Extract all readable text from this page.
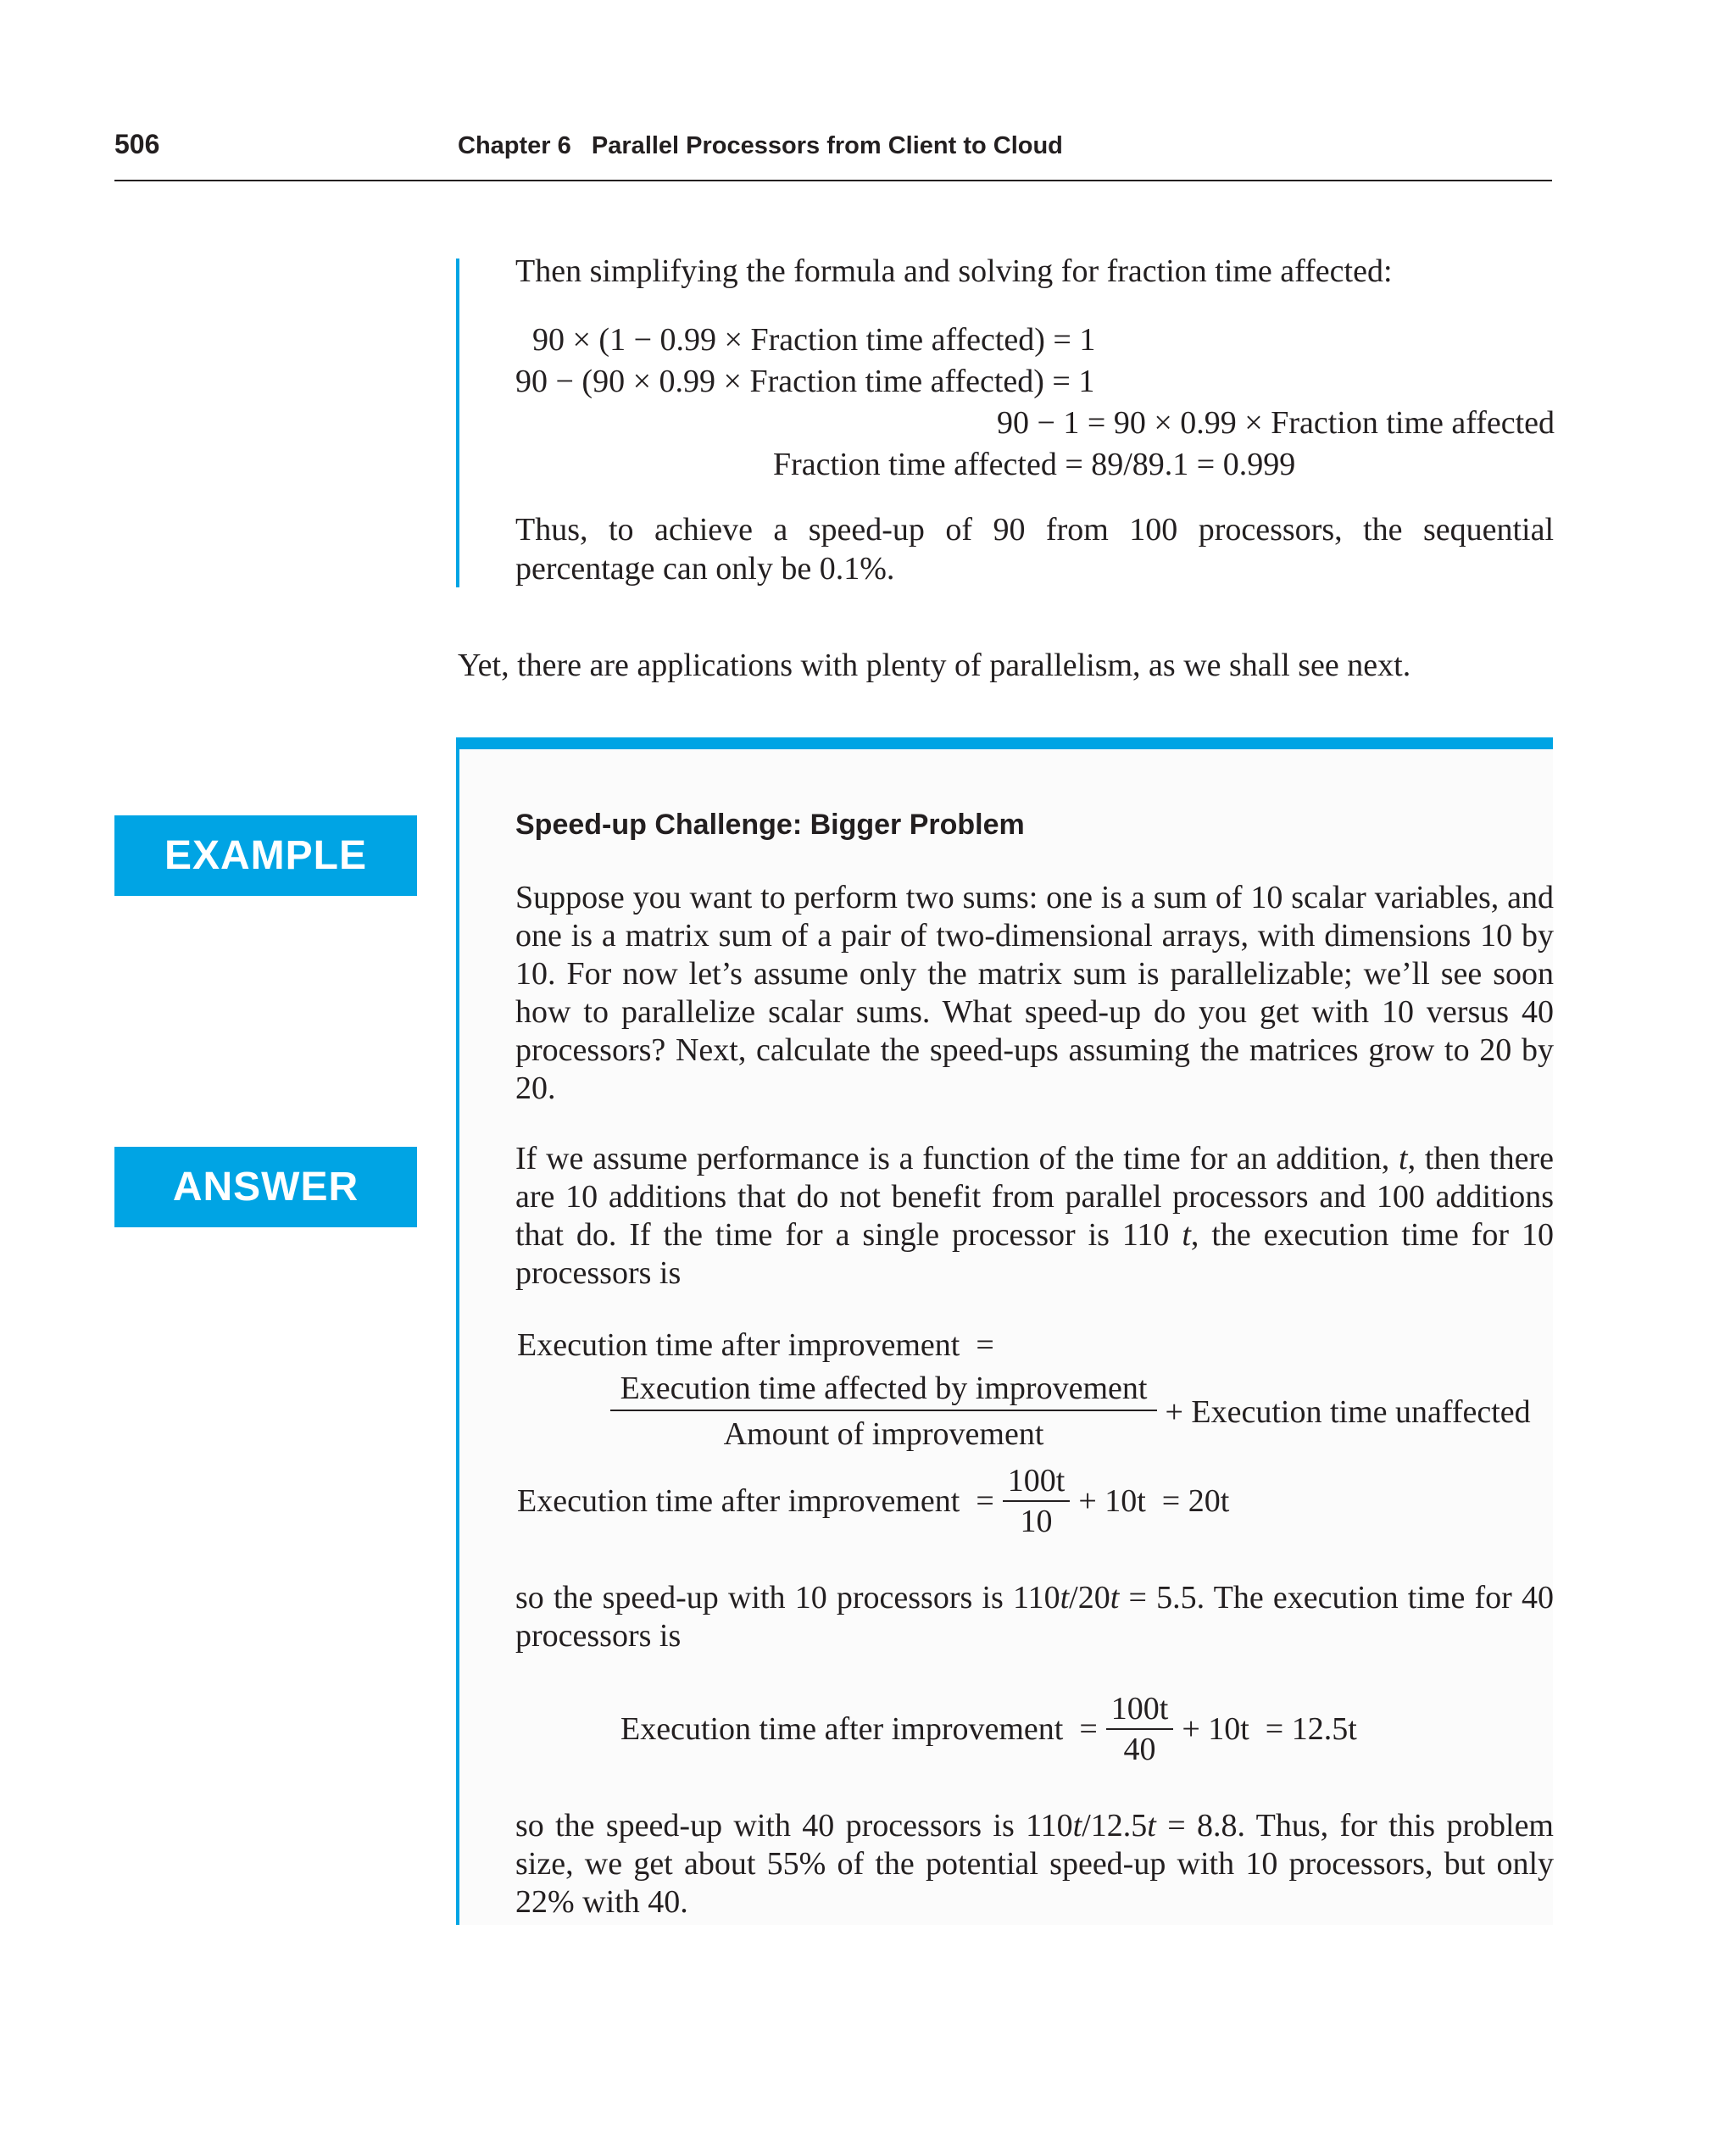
506	Chapter 6   Parallel Processors from Client to Cloud
Then simplifying the formula and solving for fraction time affected:
90 × (1 − 0.99 × Fraction time affected) = 1
90 − (90 × 0.99 × Fraction time affected) = 1
90 − 1 = 90 × 0.99 × Fraction time affected
Fraction time affected = 89/89.1 = 0.999
Thus, to achieve a speed-up of 90 from 100 processors, the sequential percentage can only be 0.1%.
Yet, there are applications with plenty of parallelism, as we shall see next.
EXAMPLE
Speed-up Challenge: Bigger Problem
Suppose you want to perform two sums: one is a sum of 10 scalar variables, and one is a matrix sum of a pair of two-dimensional arrays, with dimensions 10 by 10. For now let’s assume only the matrix sum is parallelizable; we’ll see soon how to parallelize scalar sums. What speed-up do you get with 10 versus 40 processors? Next, calculate the speed-ups assuming the matrices grow to 20 by 20.
ANSWER
If we assume performance is a function of the time for an addition, t, then there are 10 additions that do not benefit from parallel processors and 100 additions that do. If the time for a single processor is 110 t, the execution time for 10 processors is
Execution time after improvement  =
$\frac{\text{Execution time affected by improvement}}{\text{Amount of improvement}}$ + Execution time unaffected
Execution time after improvement  = $\frac{100t}{10} + 10t = 20t$
so the speed-up with 10 processors is 110t/20t = 5.5. The execution time for 40 processors is
Execution time after improvement  = $\frac{100t}{40} + 10t = 12.5t$
so the speed-up with 40 processors is 110t/12.5t = 8.8. Thus, for this problem size, we get about 55% of the potential speed-up with 10 processors, but only 22% with 40.
